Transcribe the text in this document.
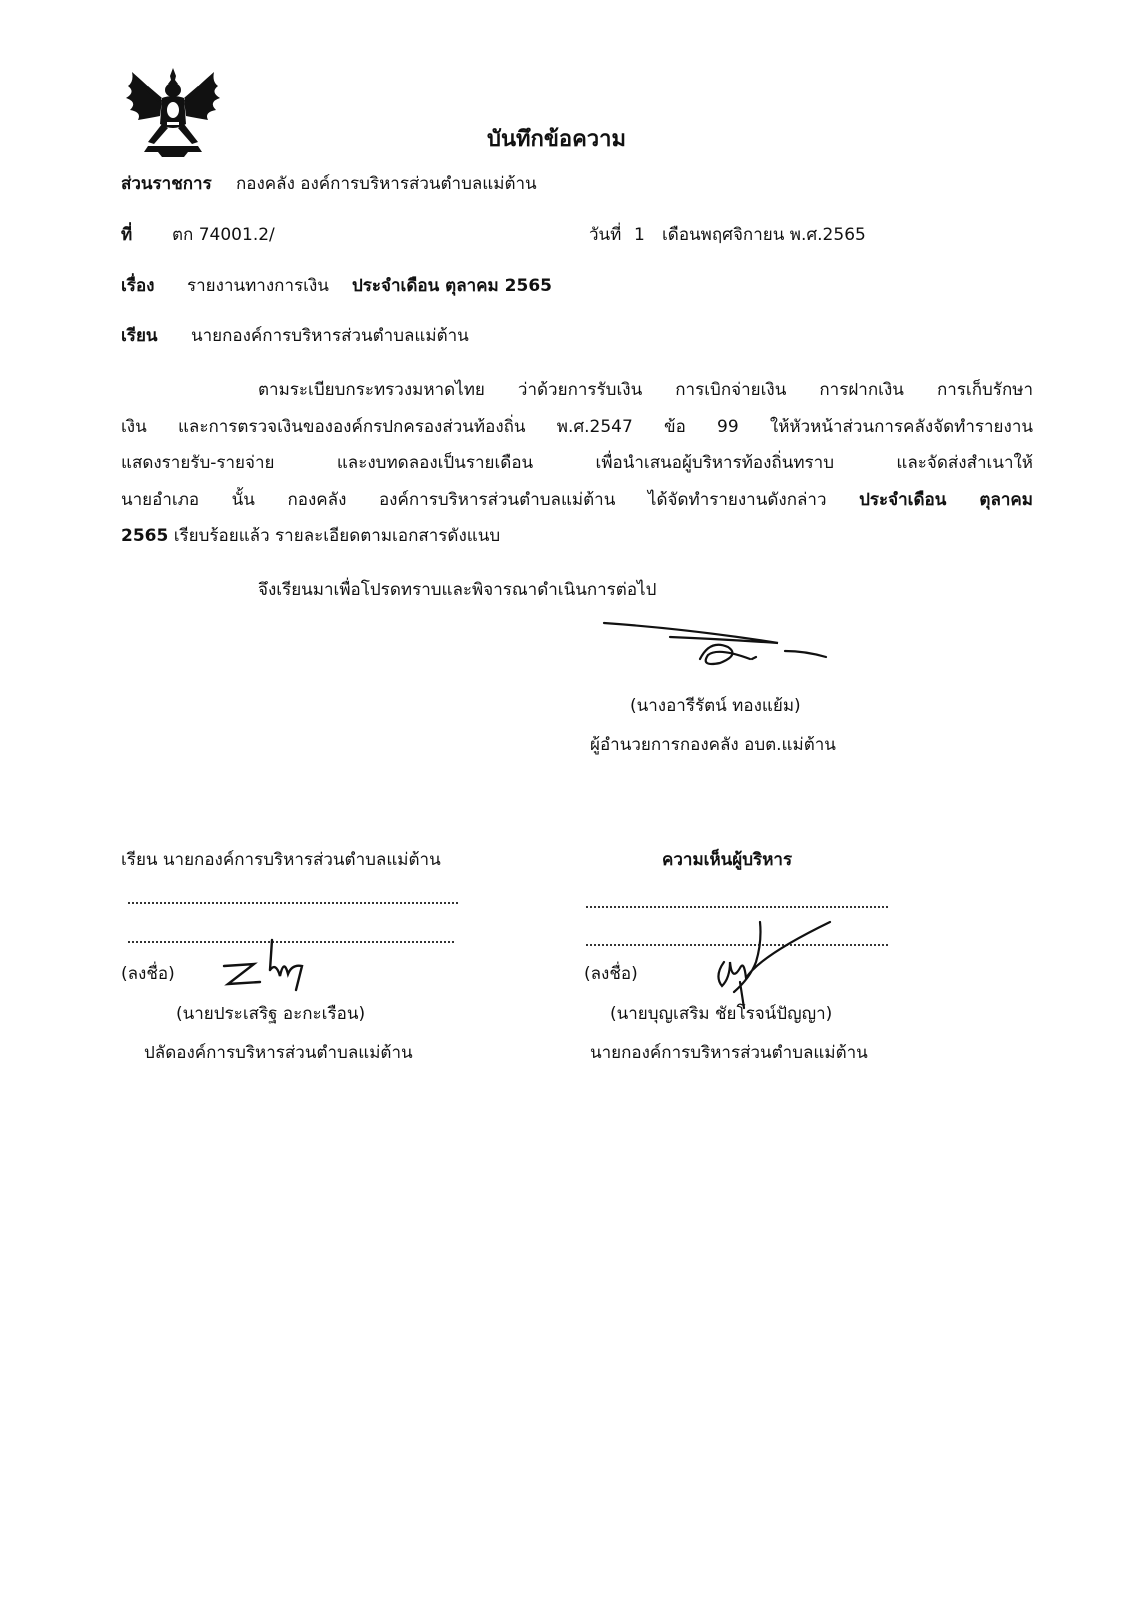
บันทึกข้อความ
ส่วนราชการ กองคลัง องค์การบริหารส่วนตำบลแม่ต้าน
ที่ ตก 74001.2/	วันที่ 1 เดือนพฤศจิกายน พ.ศ.2565
เรื่อง รายงานทางการเงิน ประจำเดือน ตุลาคม 2565
เรียน นายกองค์การบริหารส่วนตำบลแม่ต้าน
ตามระเบียบกระทรวงมหาดไทย ว่าด้วยการรับเงิน การเบิกจ่ายเงิน การฝากเงิน การเก็บรักษา
เงิน และการตรวจเงินขององค์กรปกครองส่วนท้องถิ่น พ.ศ.2547 ข้อ 99 ให้หัวหน้าส่วนการคลังจัดทำรายงาน
แสดงรายรับ-รายจ่าย และงบทดลองเป็นรายเดือน เพื่อนำเสนอผู้บริหารท้องถิ่นทราบ และจัดส่งสำเนาให้
นายอำเภอ นั้น กองคลัง องค์การบริหารส่วนตำบลแม่ต้าน ได้จัดทำรายงานดังกล่าว ประจำเดือน ตุลาคม
2565 เรียบร้อยแล้ว รายละเอียดตามเอกสารดังแนบ
จึงเรียนมาเพื่อโปรดทราบและพิจารณาดำเนินการต่อไป
(นางอารีรัตน์ ทองแย้ม)
ผู้อำนวยการกองคลัง อบต.แม่ต้าน
เรียน นายกองค์การบริหารส่วนตำบลแม่ต้าน
(ลงชื่อ)
(นายประเสริฐ อะกะเรือน)
ปลัดองค์การบริหารส่วนตำบลแม่ต้าน
ความเห็นผู้บริหาร
(ลงชื่อ)
(นายบุญเสริม ชัยโรจน์ปัญญา)
นายกองค์การบริหารส่วนตำบลแม่ต้าน
